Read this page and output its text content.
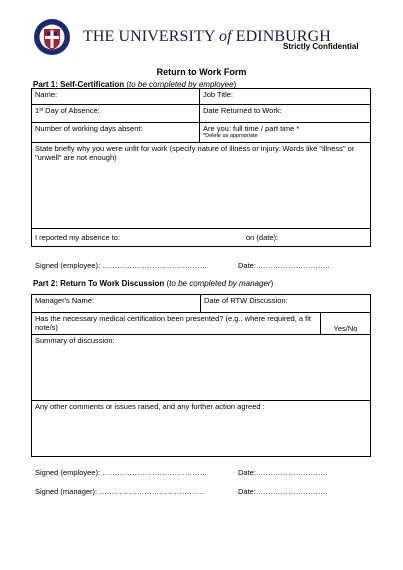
THE UNIVERSITY of EDINBURGH
Strictly Confidential
Return to Work Form
Part 1: Self-Certification (to be completed by employee)
Name:	Job Title:
1st Day of Absence:	Date Returned to Work:
Number of working days absent:	Are you: full time / part time *
*Delete as appropriate

State briefly why you were unfit for work (specify nature of illness or injury. Words like "illness" or "unwell" are not enough)	
I reported my absence to: on (date):	
Signed (employee): ……………………………………	Date: ………………………..
Part 2: Return To Work Discussion (to be completed by manager)
Manager's Name:	Date of RTW Discussion:	
Has the necessary medical certification been presented? (e.g., where required, a fit note/s)		Yes/No
Summary of discussion:		
Any other comments or issues raised, and any further action agreed :		
Signed (employee): ……………………………………	Date: ……………………….
Signed (manager): ……………………………………	Date: ……………………….
